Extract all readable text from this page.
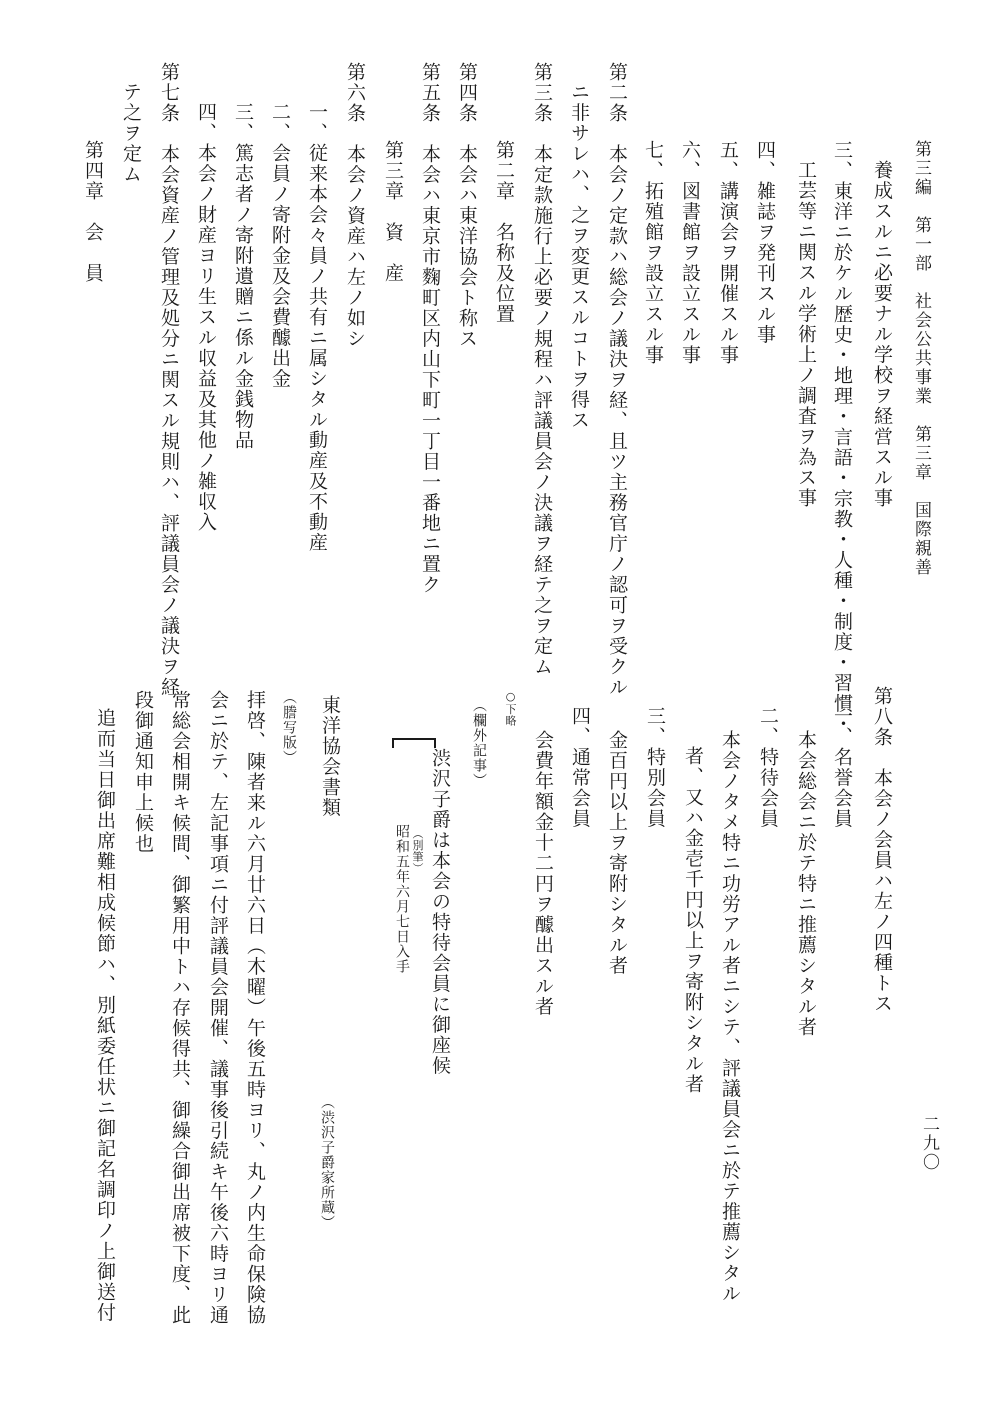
第三編　第一部　社会公共事業　第三章　国際親善
二九〇
養成スルニ必要ナル学校ヲ経営スル事
三、東洋ニ於ケル歴史・地理・言語・宗教・人種・制度・習慣・
工芸等ニ関スル学術上ノ調査ヲ為ス事
四、雑誌ヲ発刊スル事
五、講演会ヲ開催スル事
六、図書館ヲ設立スル事
七、拓殖館ヲ設立スル事
第二条　本会ノ定款ハ総会ノ議決ヲ経、且ツ主務官庁ノ認可ヲ受クル
ニ非サレハ、之ヲ変更スルコトヲ得ス
第三条　本定款施行上必要ノ規程ハ評議員会ノ決議ヲ経テ之ヲ定ム
第二章　名称及位置
第四条　本会ハ東洋協会ト称ス
第五条　本会ハ東京市麴町区内山下町一丁目一番地ニ置ク
第三章　資　産
第六条　本会ノ資産ハ左ノ如シ
一、従来本会々員ノ共有ニ属シタル動産及不動産
二、会員ノ寄附金及会費醵出金
三、篤志者ノ寄附遺贈ニ係ル金銭物品
四、本会ノ財産ヨリ生スル収益及其他ノ雑収入
第七条　本会資産ノ管理及処分ニ関スル規則ハ、評議員会ノ議決ヲ経
テ之ヲ定ム
第四章　会　員
第八条　本会ノ会員ハ左ノ四種トス
一、名誉会員
本会総会ニ於テ特ニ推薦シタル者
二、特待会員
本会ノタメ特ニ功労アル者ニシテ、評議員会ニ於テ推薦シタル
者、又ハ金壱千円以上ヲ寄附シタル者
三、特別会員
金百円以上ヲ寄附シタル者
四、通常会員
会費年額金十二円ヲ醵出スル者
○下略
（欄外記事）
渋沢子爵は本会の特待会員に御座候
（別筆）
昭和五年六月七日入手
東洋協会書類
（渋沢子爵家所蔵）
（謄写版）
拝啓、陳者来ル六月廿六日（木曜）午後五時ヨリ、丸ノ内生命保険協
会ニ於テ、左記事項ニ付評議員会開催、議事後引続キ午後六時ヨリ通
常総会相開キ候間、御繁用中トハ存候得共、御繰合御出席被下度、此
段御通知申上候也
追而当日御出席難相成候節ハ、別紙委任状ニ御記名調印ノ上御送付
